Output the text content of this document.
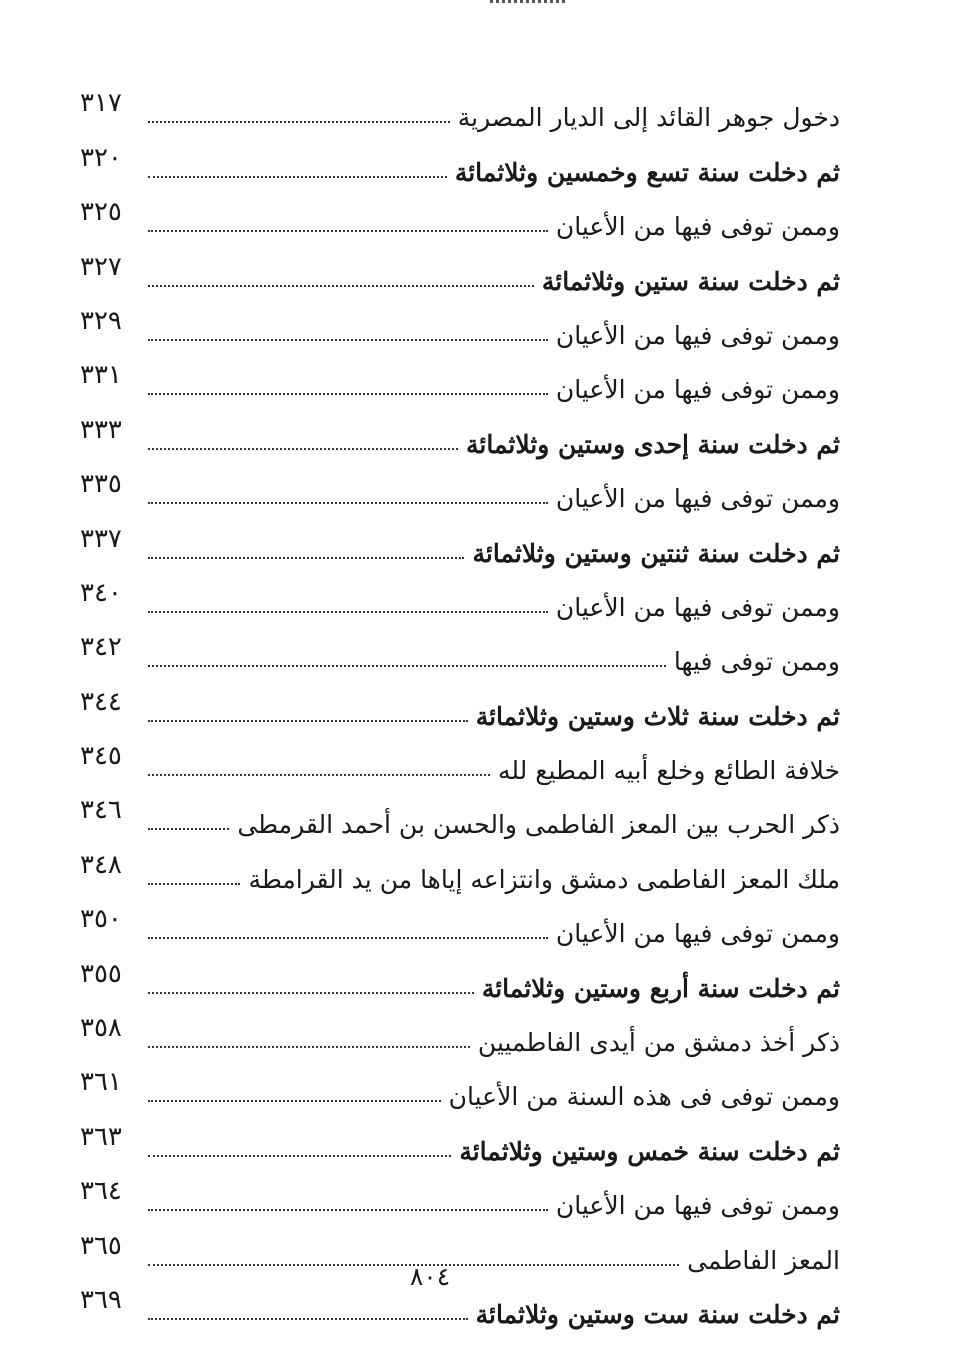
دخول جوهر القائد إلى الديار المصرية
٣١٧
ثم دخلت سنة تسع وخمسين وثلاثمائة
٣٢٠
وممن توفى فيها من الأعيان
٣٢٥
ثم دخلت سنة ستين وثلاثمائة
٣٢٧
وممن توفى فيها من الأعيان
٣٢٩
وممن توفى فيها من الأعيان
٣٣١
ثم دخلت سنة إحدى وستين وثلاثمائة
٣٣٣
وممن توفى فيها من الأعيان
٣٣٥
ثم دخلت سنة ثنتين وستين وثلاثمائة
٣٣٧
وممن توفى فيها من الأعيان
٣٤٠
وممن توفى فيها
٣٤٢
ثم دخلت سنة ثلاث وستين وثلاثمائة
٣٤٤
خلافة الطائع وخلع أبيه المطيع لله
٣٤٥
ذكر الحرب بين المعز الفاطمى والحسن بن أحمد القرمطى
٣٤٦
ملك المعز الفاطمى دمشق وانتزاعه إياها من يد القرامطة
٣٤٨
وممن توفى فيها من الأعيان
٣٥٠
ثم دخلت سنة أربع وستين وثلاثمائة
٣٥٥
ذكر أخذ دمشق من أيدى الفاطميين
٣٥٨
وممن توفى فى هذه السنة من الأعيان
٣٦١
ثم دخلت سنة خمس وستين وثلاثمائة
٣٦٣
وممن توفى فيها من الأعيان
٣٦٤
المعز الفاطمى
٣٦٥
ثم دخلت سنة ست وستين وثلاثمائة
٣٦٩
٨٠٤
